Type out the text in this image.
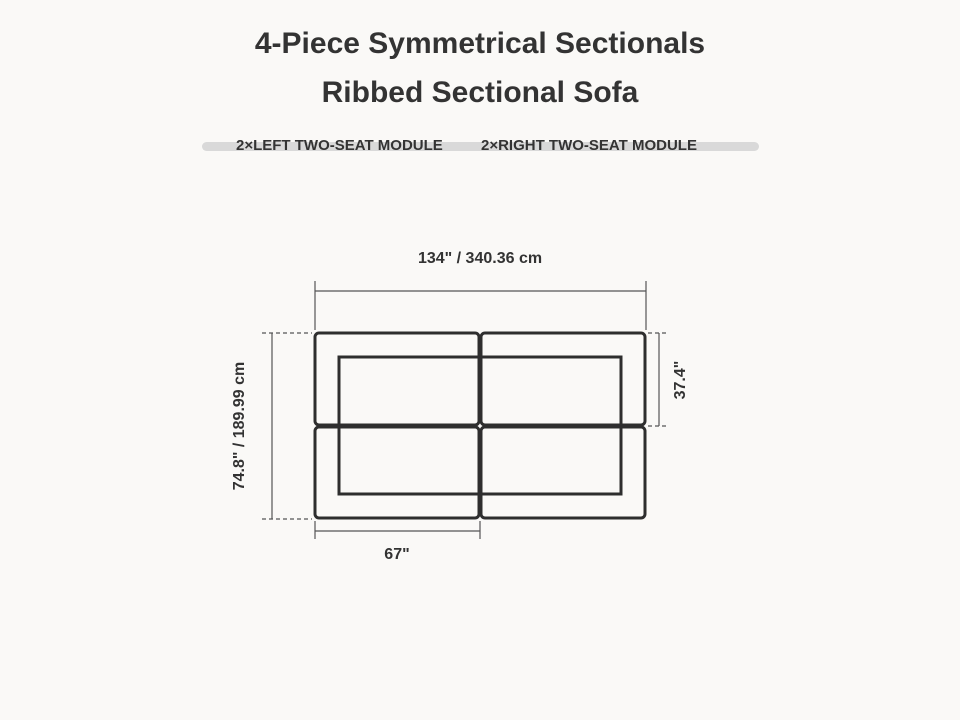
4-Piece Symmetrical Sectionals
Ribbed Sectional Sofa
2×LEFT TWO-SEAT MODULE	2×RIGHT TWO-SEAT MODULE
134" / 340.36 cm
74.8" / 189.99 cm	37.4"
67"
